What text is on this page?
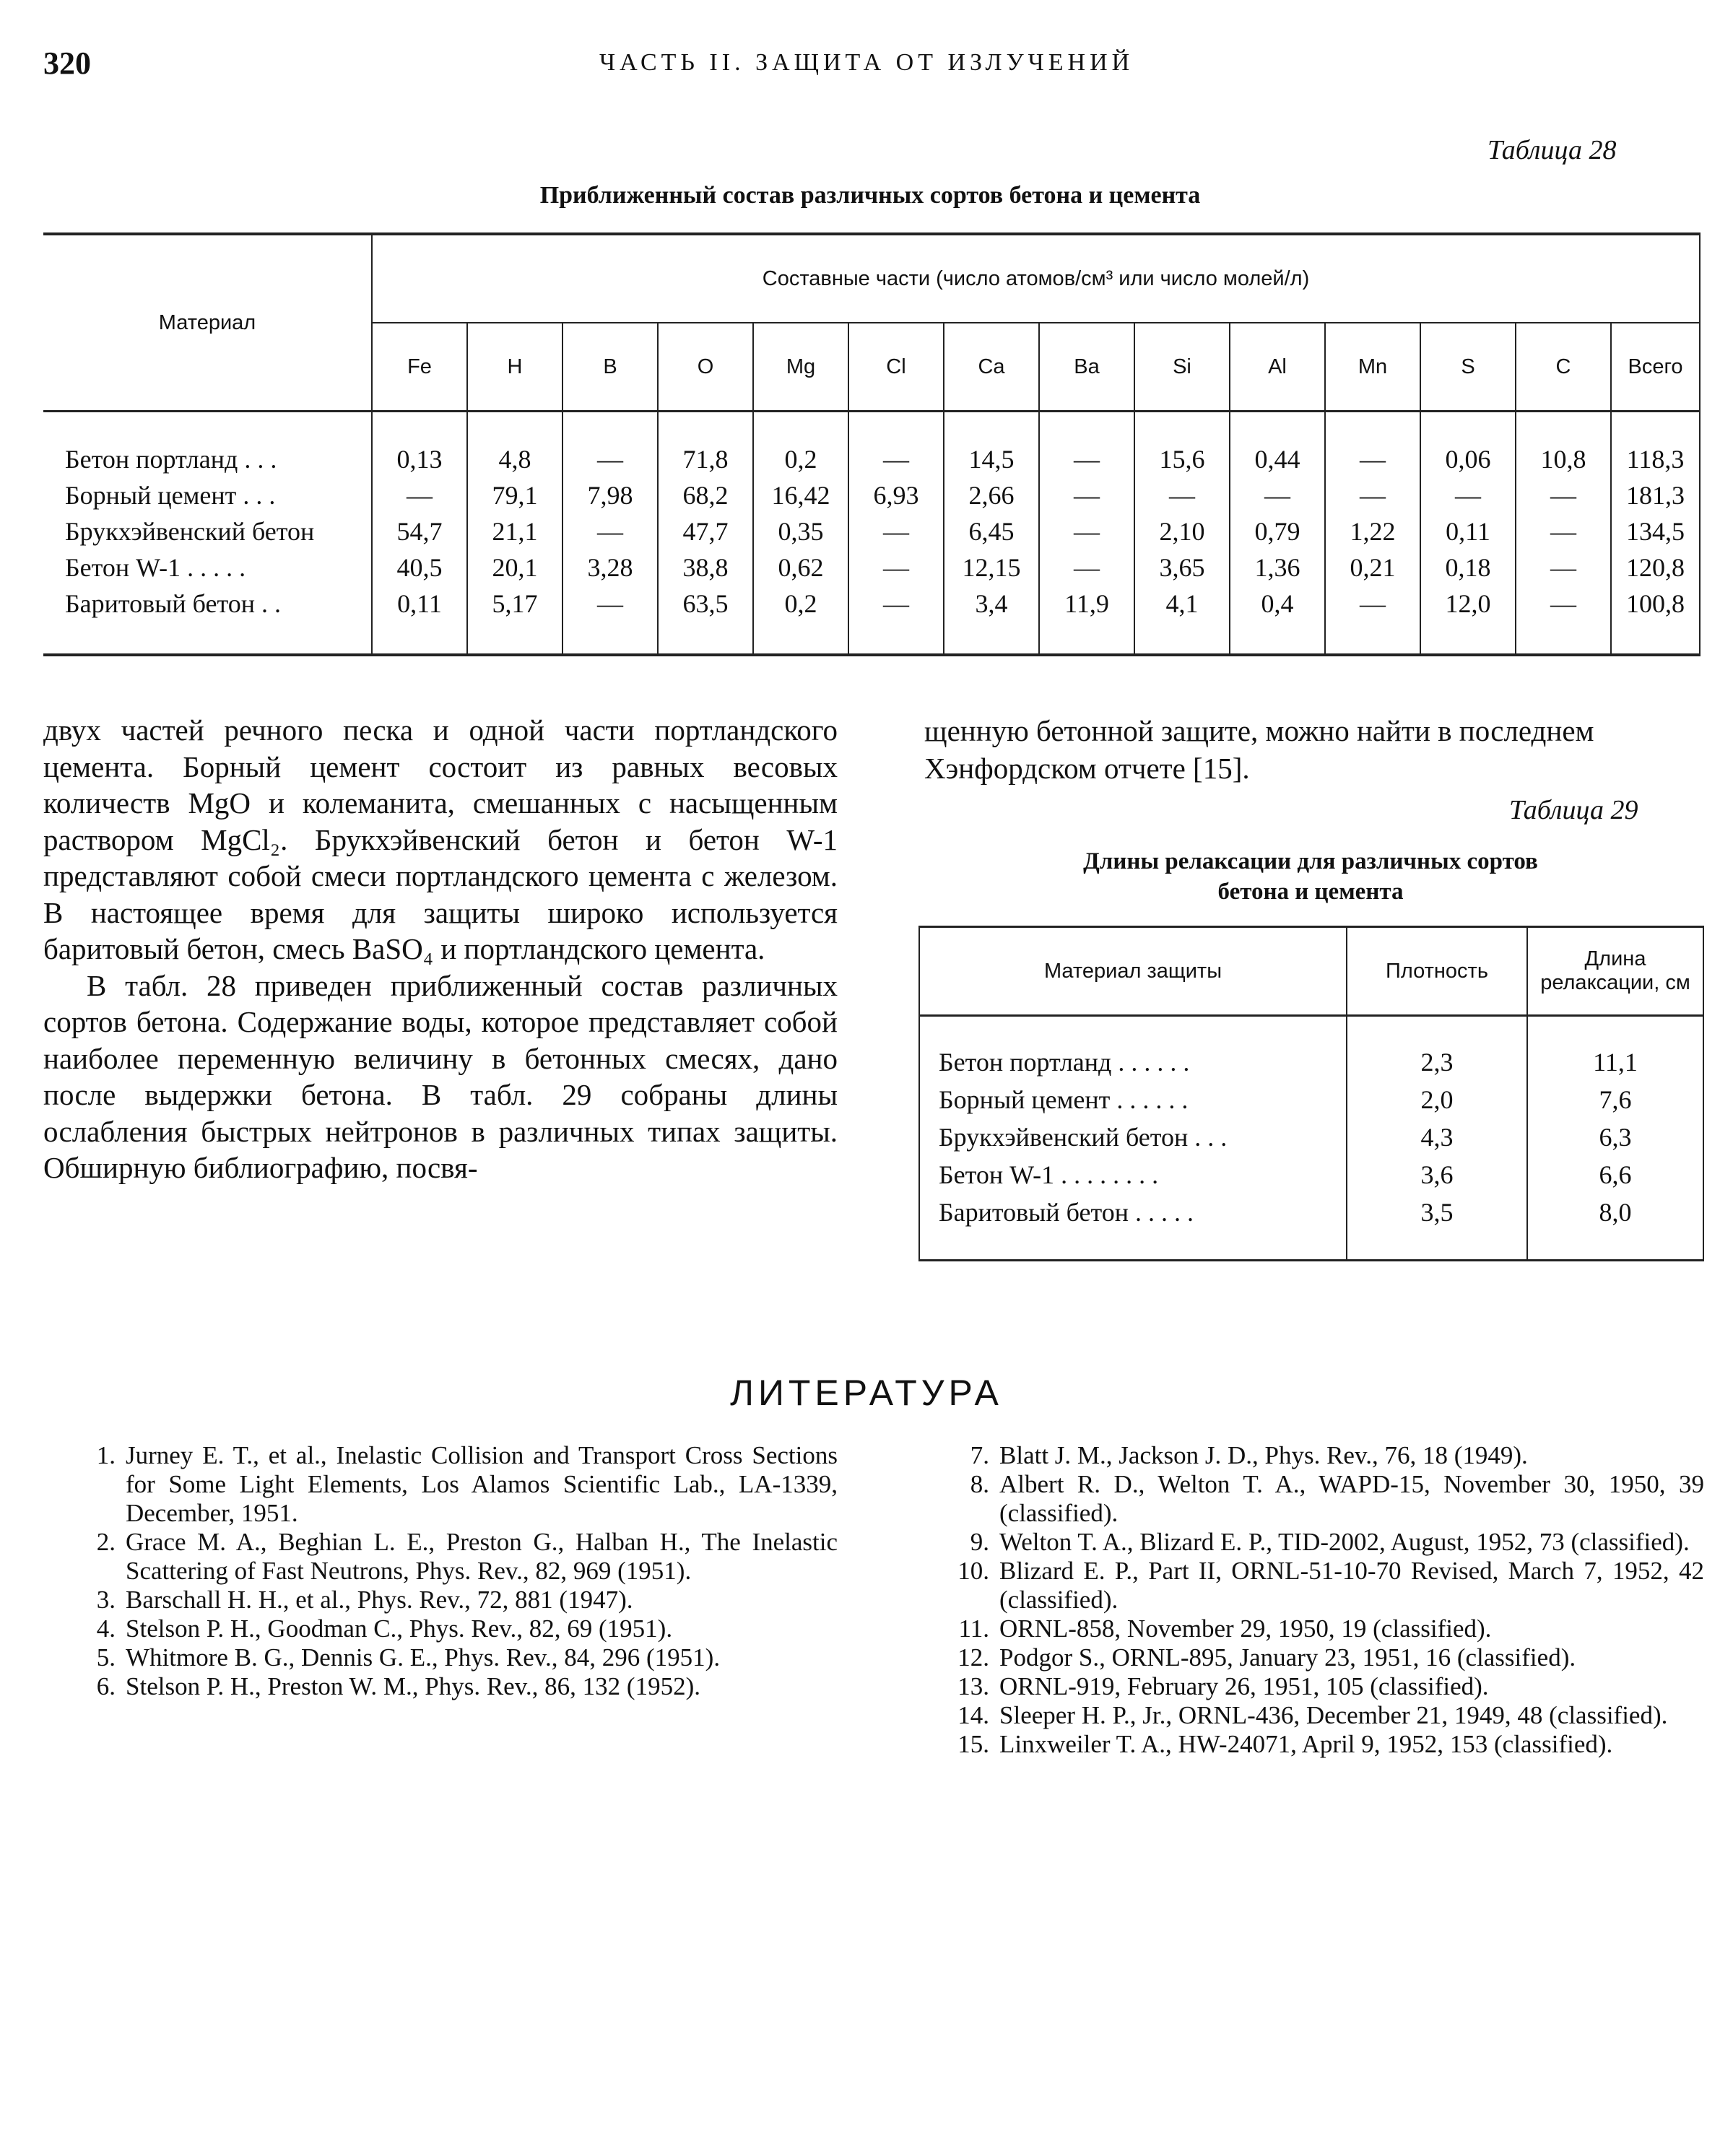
320	ЧАСТЬ II. ЗАЩИТА ОТ ИЗЛУЧЕНИЙ
Таблица 28
Приближенный состав различных сортов бетона и цемента
Материал	Составные части (число атомов/см³ или число молей/л)													
	Fe	H	B	O	Mg	Cl	Ca	Ba	Si	Al	Mn	S	C	Всего
Бетон портланд . . .	0,13	4,8	—	71,8	0,2	—	14,5	—	15,6	0,44	—	0,06	10,8	118,3
Борный цемент . . .	—	79,1	7,98	68,2	16,42	6,93	2,66	—	—	—	—	—	—	181,3
Брукхэйвенский бетон	54,7	21,1	—	47,7	0,35	—	6,45	—	2,10	0,79	1,22	0,11	—	134,5
Бетон W-1 . . . . .	40,5	20,1	3,28	38,8	0,62	—	12,15	—	3,65	1,36	0,21	0,18	—	120,8
Баритовый бетон . .	0,11	5,17	—	63,5	0,2	—	3,4	11,9	4,1	0,4	—	12,0	—	100,8

двух частей речного песка и одной части портландского цемента. Борный цемент состоит из равных весовых количеств MgO и колеманита, смешанных с насыщенным раствором MgCl₂. Брукхэйвенский бетон и бетон W-1 представляют собой смеси портландского цемента с железом. В настоящее время для защиты широко используется баритовый бетон, смесь BaSO₄ и портландского цемента.

В табл. 28 приведен приближенный состав различных сортов бетона. Содержание воды, которое представляет собой наиболее переменную величину в бетонных смесях, дано после выдержки бетона. В табл. 29 собраны длины ослабления быстрых нейтронов в различных типах защиты. Обширную библиографию, посвя-

щенную бетонной защите, можно найти в последнем Хэнфордском отчете [15].
Таблица 29
Длины релаксации для различных сортов
бетона и цемента
Материал защиты	Плотность	Длина релаксации, см
Бетон портланд . . . . . .	2,3	11,1
Борный цемент . . . . . .	2,0	7,6
Брукхэйвенский бетон . . .	4,3	6,3
Бетон W-1 . . . . . . . .	3,6	6,6
Баритовый бетон . . . . .	3,5	8,0
ЛИТЕРАТУРА
1. Jurney E. T., et al., Inelastic Collision and Transport Cross Sections for Some Light Elements, Los Alamos Scientific Lab., LA-1339, December, 1951.
2. Grace M. A., Beghian L. E., Preston G., Halban H., The Inelastic Scattering of Fast Neutrons, Phys. Rev., 82, 969 (1951).
3. Barschall H. H., et al., Phys. Rev., 72, 881 (1947).
4. Stelson P. H., Goodman C., Phys. Rev., 82, 69 (1951).
5. Whitmore B. G., Dennis G. E., Phys. Rev., 84, 296 (1951).
6. Stelson P. H., Preston W. M., Phys. Rev., 86, 132 (1952).
7. Blatt J. M., Jackson J. D., Phys. Rev., 76, 18 (1949).
8. Albert R. D., Welton T. A., WAPD-15, November 30, 1950, 39 (classified).
9. Welton T. A., Blizard E. P., TID-2002, August, 1952, 73 (classified).
10. Blizard E. P., Part II, ORNL-51-10-70 Revised, March 7, 1952, 42 (classified).
11. ORNL-858, November 29, 1950, 19 (classified).
12. Podgor S., ORNL-895, January 23, 1951, 16 (classified).
13. ORNL-919, February 26, 1951, 105 (classified).
14. Sleeper H. P., Jr., ORNL-436, December 21, 1949, 48 (classified).
15. Linxweiler T. A., HW-24071, April 9, 1952, 153 (classified).
